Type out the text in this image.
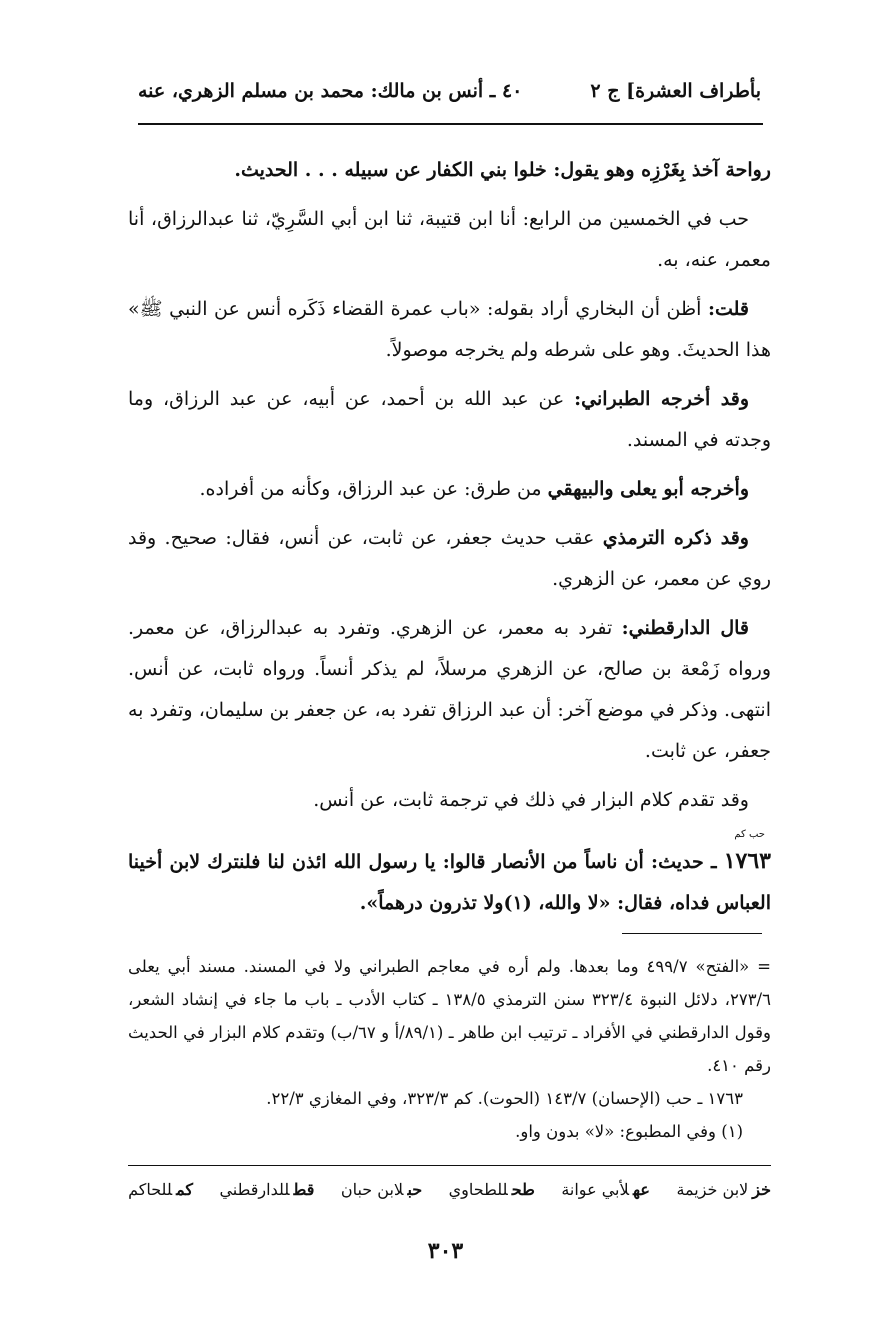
بأطراف العشرة] ج ٢
٤٠ ـ أنس بن مالك: محمد بن مسلم الزهري، عنه

رواحة آخذ بِغَرْزِه وهو يقول: خلوا بني الكفار عن سبيله . . . الحديث.

حب في الخمسين من الرابع: أنا ابن قتيبة، ثنا ابن أبي السَّرِيّ، ثنا عبدالرزاق، أنا معمر، عنه، به.

قلت: أظن أن البخاري أراد بقوله: «باب عمرة القضاء ذَكَره أنس عن النبي ﷺ» هذا الحديثَ. وهو على شرطه ولم يخرجه موصولاً.

وقد أخرجه الطبراني: عن عبد الله بن أحمد، عن أبيه، عن عبد الرزاق، وما وجدته في المسند.

وأخرجه أبو يعلى والبيهقي من طرق: عن عبد الرزاق، وكأنه من أفراده.

وقد ذكره الترمذي عقب حديث جعفر، عن ثابت، عن أنس، فقال: صحيح. وقد روي عن معمر، عن الزهري.

قال الدارقطني: تفرد به معمر، عن الزهري. وتفرد به عبدالرزاق، عن معمر. ورواه زَمْعة بن صالح، عن الزهري مرسلاً، لم يذكر أنساً. ورواه ثابت، عن أنس. انتهى. وذكر في موضع آخر: أن عبد الرزاق تفرد به، عن جعفر بن سليمان، وتفرد به جعفر، عن ثابت.

وقد تقدم كلام البزار في ذلك في ترجمة ثابت، عن أنس.

حب كم
١٧٦٣ ـ حديث: أن ناساً من الأنصار قالوا: يا رسول الله ائذن لنا فلنترك لابن أخينا العباس فداه، فقال: «لا والله، (١)ولا تذرون درهماً».

= «الفتح» ٤٩٩/٧ وما بعدها. ولم أره في معاجم الطبراني ولا في المسند. مسند أبي يعلى ٢٧٣/٦، دلائل النبوة ٣٢٣/٤ سنن الترمذي ١٣٨/٥ ـ كتاب الأدب ـ باب ما جاء في إنشاد الشعر، وقول الدارقطني في الأفراد ـ ترتيب ابن طاهر ـ (٨٩/١/أ و ٦٧/ب) وتقدم كلام البزار في الحديث رقم ٤١٠.

١٧٦٣ ـ حب (الإحسان) ١٤٣/٧ (الحوت). كم ٣٢٣/٣، وفي المغازي ٢٢/٣.

(١) وفي المطبوع: «لا» بدون واو.

خزلابن خزيمة
عهلأبي عوانة
طحللطحاوي
حبلابن حبان
قطللدارقطني
كمللحاكم
٣٠٣
